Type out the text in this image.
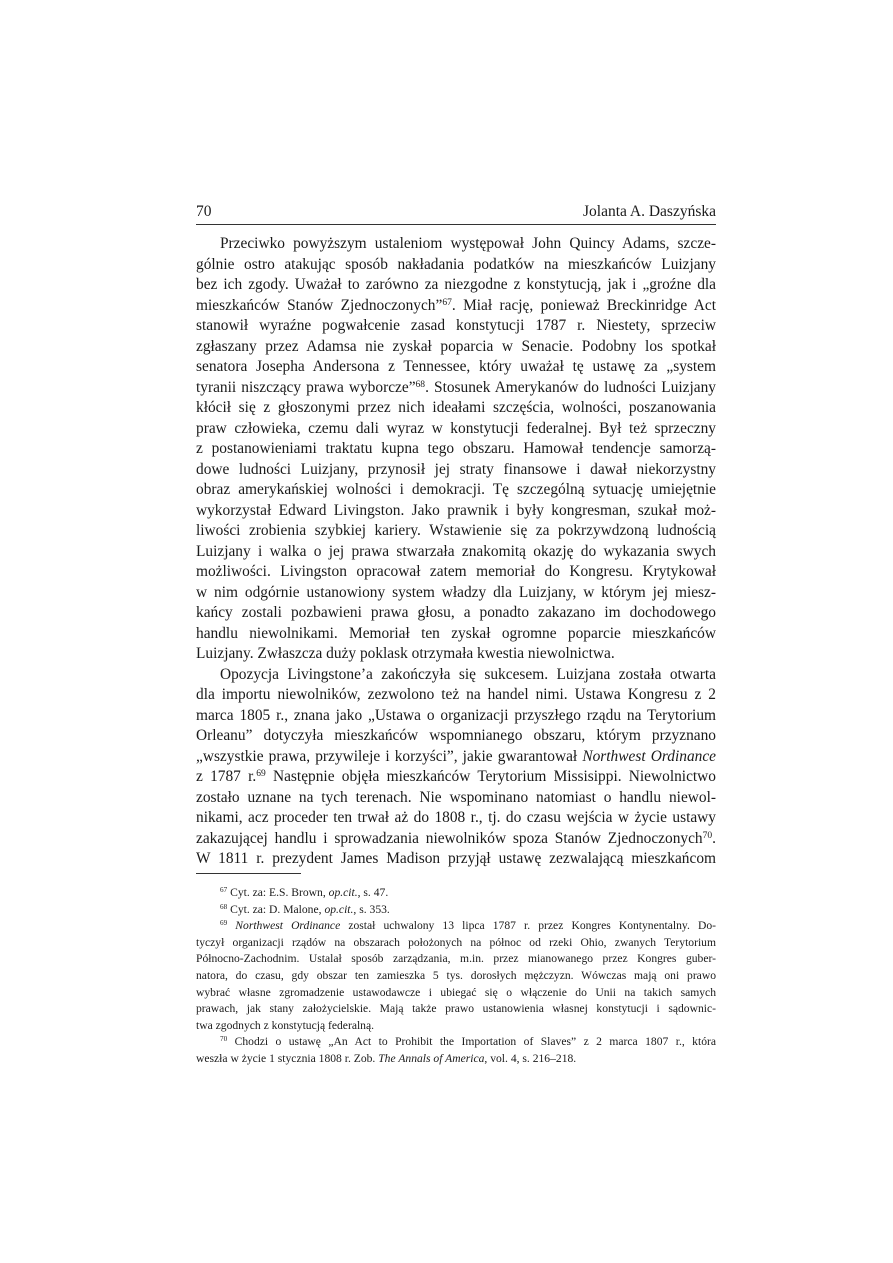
70	Jolanta A. Daszyńska
Przeciwko powyższym ustaleniom występował John Quincy Adams, szcze-
gólnie ostro atakując sposób nakładania podatków na mieszkańców Luizjany
bez ich zgody. Uważał to zarówno za niezgodne z konstytucją, jak i „groźne dla
mieszkańców Stanów Zjednoczonych”$^{67}$. Miał rację, ponieważ Breckinridge Act
stanowił wyraźne pogwałcenie zasad konstytucji 1787 r. Niestety, sprzeciw
zgłaszany przez Adamsa nie zyskał poparcia w Senacie. Podobny los spotkał
senatora Josepha Andersona z Tennessee, który uważał tę ustawę za „system
tyranii niszczący prawa wyborcze”$^{68}$. Stosunek Amerykanów do ludności Luizjany
kłócił się z głoszonymi przez nich ideałami szczęścia, wolności, poszanowania
praw człowieka, czemu dali wyraz w konstytucji federalnej. Był też sprzeczny
z postanowieniami traktatu kupna tego obszaru. Hamował tendencje samorzą-
dowe ludności Luizjany, przynosił jej straty finansowe i dawał niekorzystny
obraz amerykańskiej wolności i demokracji. Tę szczególną sytuację umiejętnie
wykorzystał Edward Livingston. Jako prawnik i były kongresman, szukał moż-
liwości zrobienia szybkiej kariery. Wstawienie się za pokrzywdzoną ludnością
Luizjany i walka o jej prawa stwarzała znakomitą okazję do wykazania swych
możliwości. Livingston opracował zatem memoriał do Kongresu. Krytykował
w nim odgórnie ustanowiony system władzy dla Luizjany, w którym jej miesz-
kańcy zostali pozbawieni prawa głosu, a ponadto zakazano im dochodowego
handlu niewolnikami. Memoriał ten zyskał ogromne poparcie mieszkańców
Luizjany. Zwłaszcza duży poklask otrzymała kwestia niewolnictwa.
Opozycja Livingstone’a zakończyła się sukcesem. Luizjana została otwarta
dla importu niewolników, zezwolono też na handel nimi. Ustawa Kongresu z 2
marca 1805 r., znana jako „Ustawa o organizacji przyszłego rządu na Terytorium
Orleanu” dotyczyła mieszkańców wspomnianego obszaru, którym przyznano
„wszystkie prawa, przywileje i korzyści”, jakie gwarantował Northwest Ordinance
z 1787 r.$^{69}$ Następnie objęła mieszkańców Terytorium Missisippi. Niewolnictwo
zostało uznane na tych terenach. Nie wspominano natomiast o handlu niewol-
nikami, acz proceder ten trwał aż do 1808 r., tj. do czasu wejścia w życie ustawy
zakazującej handlu i sprowadzania niewolników spoza Stanów Zjednoczonych$^{70}$.
W 1811 r. prezydent James Madison przyjął ustawę zezwalającą mieszkańcom
$^{67}$ Cyt. za: E.S. Brown, op.cit., s. 47.
$^{68}$ Cyt. za: D. Malone, op.cit., s. 353.
$^{69}$ Northwest Ordinance został uchwalony 13 lipca 1787 r. przez Kongres Kontynentalny. Do-
tyczył organizacji rządów na obszarach położonych na północ od rzeki Ohio, zwanych Terytorium
Północno-Zachodnim. Ustalał sposób zarządzania, m.in. przez mianowanego przez Kongres guber-
natora, do czasu, gdy obszar ten zamieszka 5 tys. dorosłych mężczyzn. Wówczas mają oni prawo
wybrać własne zgromadzenie ustawodawcze i ubiegać się o włączenie do Unii na takich samych
prawach, jak stany założycielskie. Mają także prawo ustanowienia własnej konstytucji i sądownic-
twa zgodnych z konstytucją federalną.
$^{70}$ Chodzi o ustawę „An Act to Prohibit the Importation of Slaves” z 2 marca 1807 r., która
weszła w życie 1 stycznia 1808 r. Zob. The Annals of America, vol. 4, s. 216–218.
